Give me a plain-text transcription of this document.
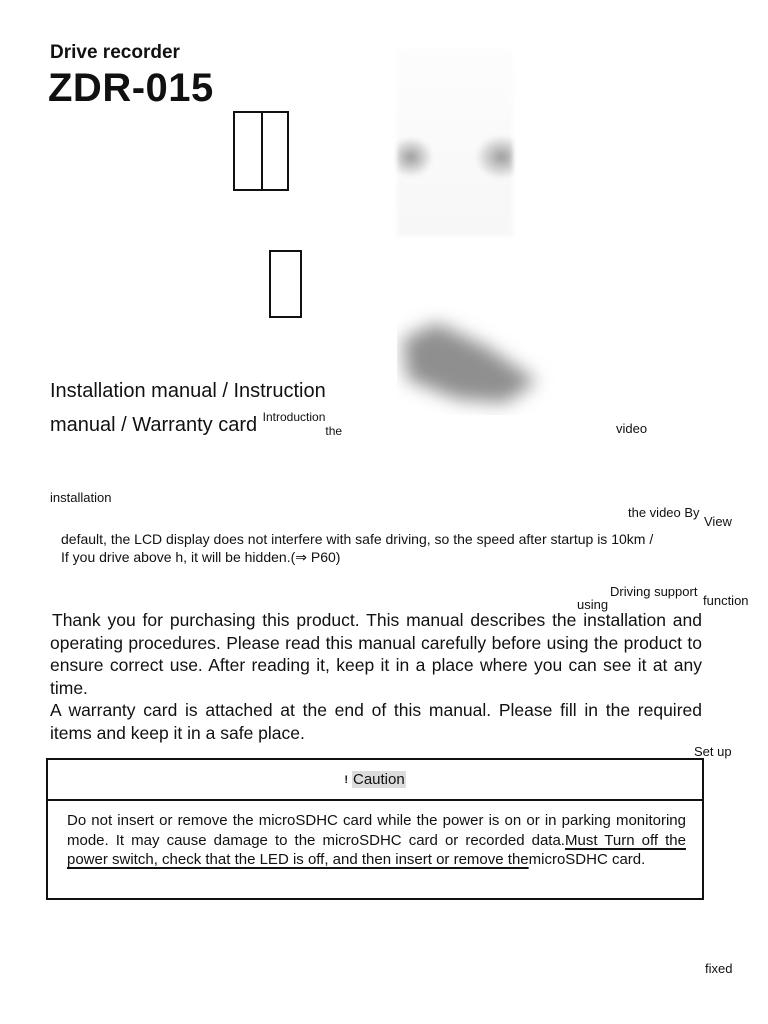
Drive recorder
ZDR-015
Installation manual / Instruction
manual / Warranty card $^{Introduction}_{the}$	video
installation
the video By
View
default, the LCD display does not interfere with safe driving, so the speed after startup is 10km /
If you drive above h, it will be hidden.(⇒ P60)
Driving support
using	function

Thank you for purchasing this product. This manual describes the installation and operating procedures. Please read this manual carefully before using the product to ensure correct use. After reading it, keep it in a place where you can see it at any time.

A warranty card is attached at the end of this manual. Please fill in the required items and keep it in a safe place.

Set up
! Caution
Do not insert or remove the microSDHC card while the power is on or in parking monitoring mode. It may cause damage to the microSDHC card or recorded data.Must Turn off the power switch, check that the LED is off, and then insert or remove themicroSDHC card.
fixed
